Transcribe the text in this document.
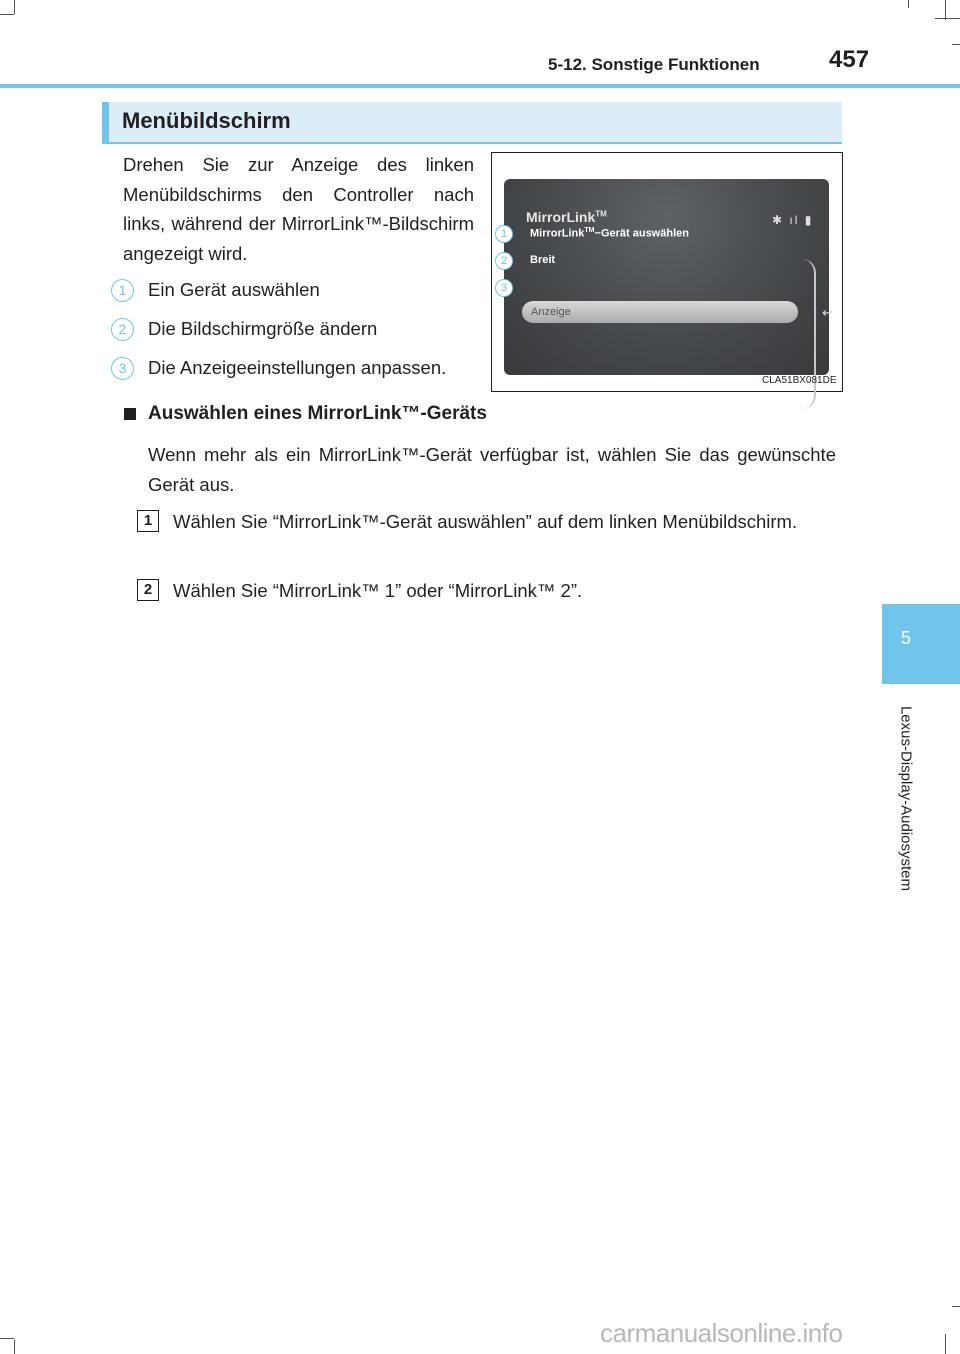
5-12. Sonstige Funktionen	457
5
Lexus-Display-Audiosystem
Menübildschirm
Drehen Sie zur Anzeige des linken Menübildschirms den Controller nach links, während der MirrorLink™-Bildschirm angezeigt wird.
1	Ein Gerät auswählen
2	Die Bildschirmgröße ändern
3	Die Anzeigeeinstellungen anpassen.
MirrorLink™	✱ ıl ▮
MirrorLink™−Gerät auswählen
Breit
Anzeige	↩
1
2
3
CLA51BX081DE
Auswählen eines MirrorLink™-Geräts
Wenn mehr als ein MirrorLink™-Gerät verfügbar ist, wählen Sie das gewünschte Gerät aus.
1	Wählen Sie “MirrorLink™-Gerät auswählen” auf dem linken Menübildschirm.
2	Wählen Sie “MirrorLink™ 1” oder “MirrorLink™ 2”.
carmanualsonline.info
